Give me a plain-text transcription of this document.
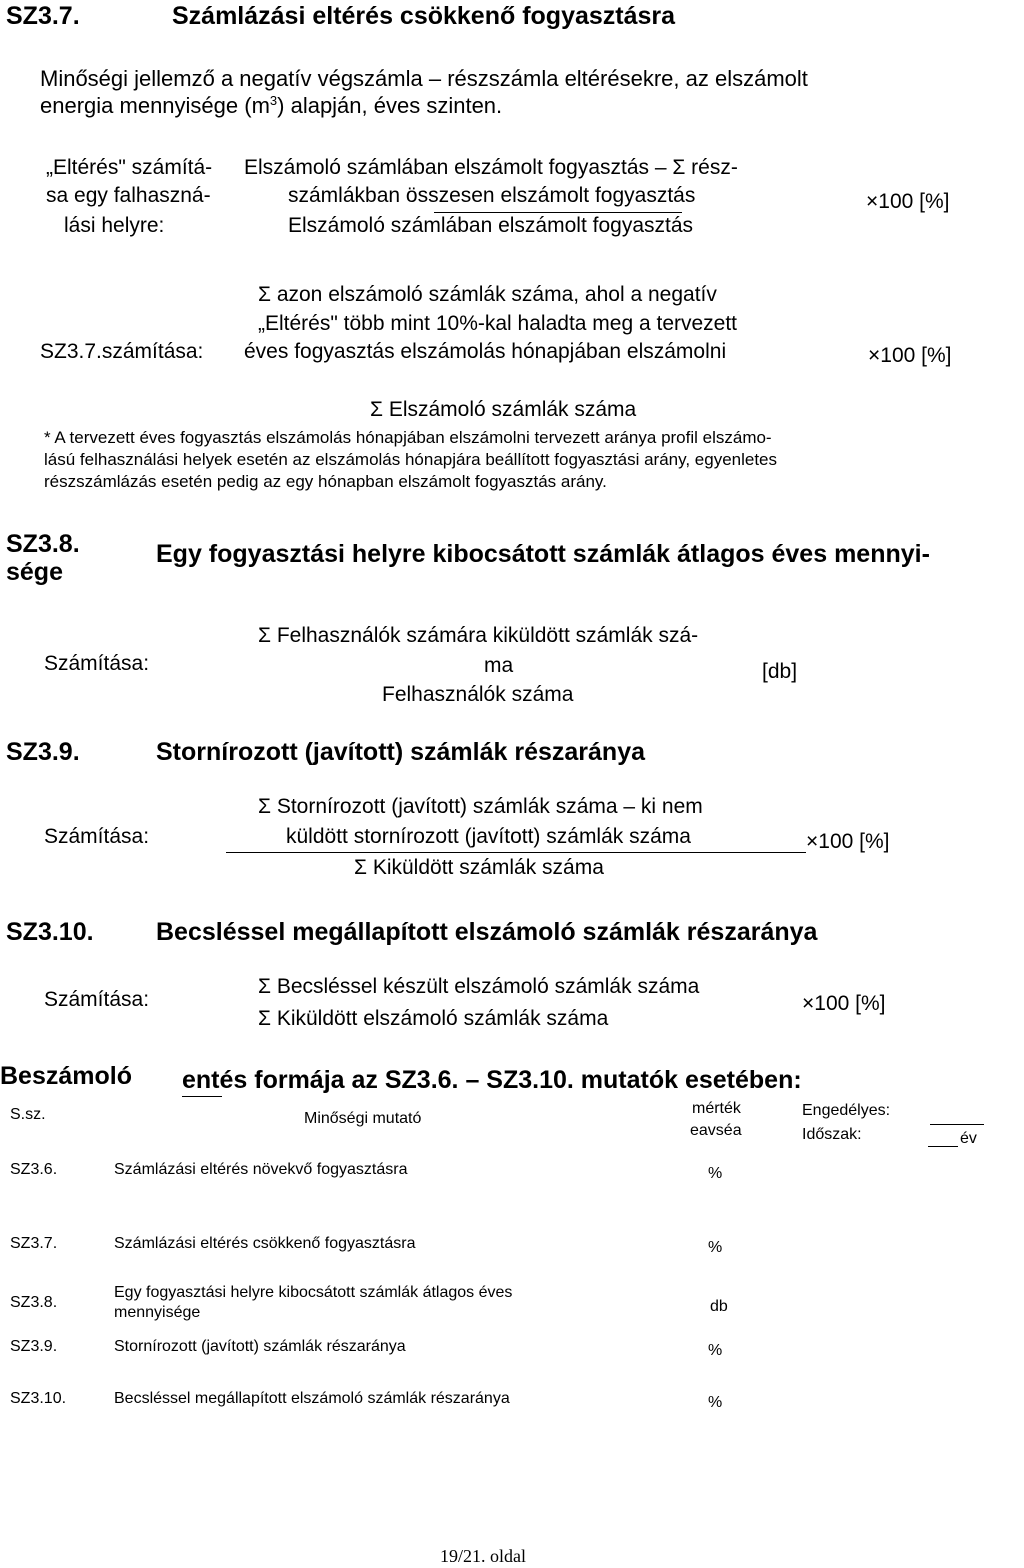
SZ3.7.	Számlázási eltérés csökkenő fogyasztásra
Minőségi jellemző a negatív végszámla – részszámla eltérésekre, az elszámolt
energia mennyisége $(m^3)$ alapján, éves szinten.
„Eltérés" számítá-
sa egy falhaszná-
lási helyre:
Elszámoló számlában elszámolt fogyasztás – Σ rész-
számlákban összesen elszámolt fogyasztás
Elszámoló számlában elszámolt fogyasztás
×100 [%]
Σ azon elszámoló számlák száma, ahol a negatív
„Eltérés" több mint 10%-kal haladta meg a tervezett
SZ3.7.számítása: éves fogyasztás elszámolás hónapjában elszámolni	×100 [%]
Σ Elszámoló számlák száma
* A tervezett éves fogyasztás elszámolás hónapjában elszámolni tervezett aránya profil elszámo-
lású felhasználási helyek esetén az elszámolás hónapjára beállított fogyasztási arány, egyenletes
részszámlázás esetén pedig az egy hónapban elszámolt fogyasztás arány.
SZ3.8.
sége
Egy fogyasztási helyre kibocsátott számlák átlagos éves mennyi-
Σ Felhasználók számára kiküldött számlák szá-
Számítása:	ma	[db]
Felhasználók száma
SZ3.9.	Stornírozott (javított) számlák részaránya
Σ Stornírozott (javított) számlák száma – ki nem
Számítása:	küldött stornírozott (javított) számlák száma	×100 [%]
Σ Kiküldött számlák száma
SZ3.10. Becsléssel megállapított elszámoló számlák részaránya
Számítása:
Σ Becsléssel készült elszámoló számlák száma
Σ Kiküldött elszámoló számlák száma
×100 [%]
Beszámoló entés formája az SZ3.6. – SZ3.10. mutatók esetében:
S.sz.	Minőségi mutató
mérték
eavséa
Engedélyes:
Időszak:	év
SZ3.6.	Számlázási eltérés növekvő fogyasztásra	%
SZ3.7.	Számlázási eltérés csökkenő fogyasztásra	%
SZ3.8.
Egy fogyasztási helyre kibocsátott számlák átlagos éves
mennyisége	db
SZ3.9.	Stornírozott (javított) számlák részaránya	%
SZ3.10.	Becsléssel megállapított elszámoló számlák részaránya	%
19/21. oldal
